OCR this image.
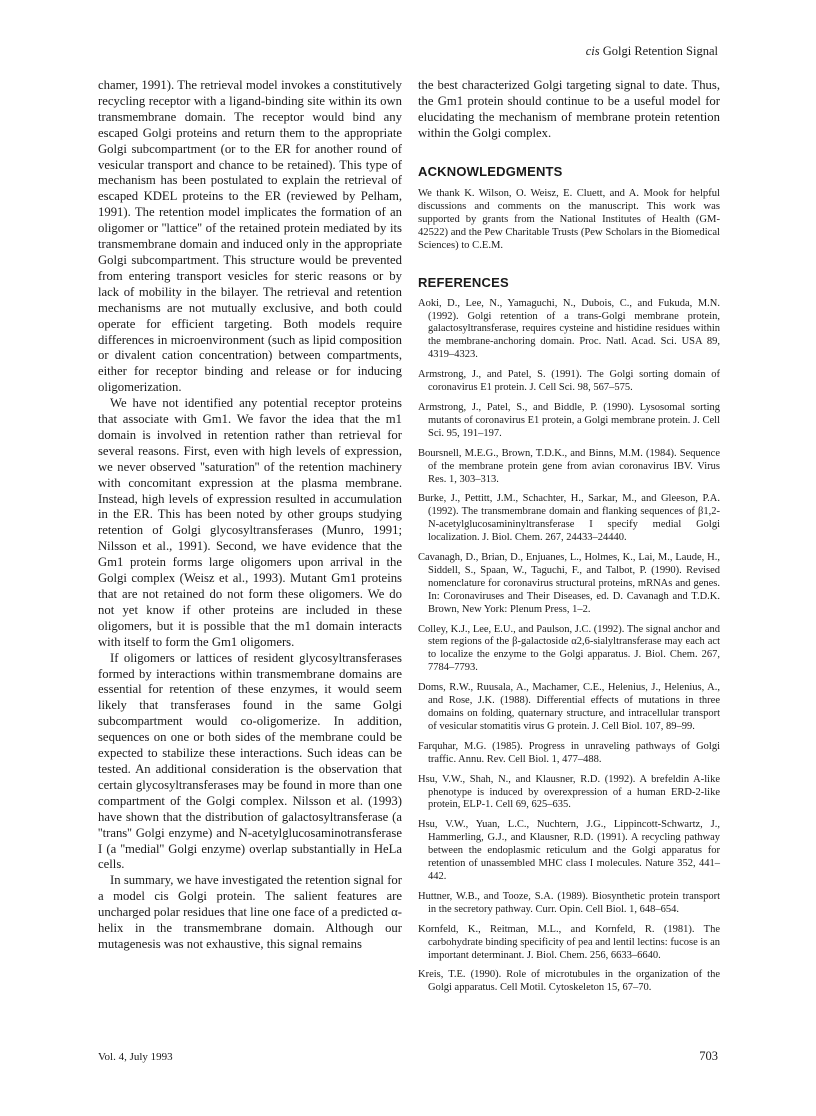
cis Golgi Retention Signal

chamer, 1991). The retrieval model invokes a constitutively recycling receptor with a ligand-binding site within its own transmembrane domain. The receptor would bind any escaped Golgi proteins and return them to the appropriate Golgi subcompartment (or to the ER for another round of vesicular transport and chance to be retained). This type of mechanism has been postulated to explain the retrieval of escaped KDEL proteins to the ER (reviewed by Pelham, 1991). The retention model implicates the formation of an oligomer or ''lattice'' of the retained protein mediated by its transmembrane domain and induced only in the appropriate Golgi subcompartment. This structure would be prevented from entering transport vesicles for steric reasons or by lack of mobility in the bilayer. The retrieval and retention mechanisms are not mutually exclusive, and both could operate for efficient targeting. Both models require differences in microenvironment (such as lipid composition or divalent cation concentration) between compartments, either for receptor binding and release or for inducing oligomerization.

We have not identified any potential receptor proteins that associate with Gm1. We favor the idea that the m1 domain is involved in retention rather than retrieval for several reasons. First, even with high levels of expression, we never observed ''saturation'' of the retention machinery with concomitant expression at the plasma membrane. Instead, high levels of expression resulted in accumulation in the ER. This has been noted by other groups studying retention of Golgi glycosyltransferases (Munro, 1991; Nilsson et al., 1991). Second, we have evidence that the Gm1 protein forms large oligomers upon arrival in the Golgi complex (Weisz et al., 1993). Mutant Gm1 proteins that are not retained do not form these oligomers. We do not yet know if other proteins are included in these oligomers, but it is possible that the m1 domain interacts with itself to form the Gm1 oligomers.

If oligomers or lattices of resident glycosyltransferases formed by interactions within transmembrane domains are essential for retention of these enzymes, it would seem likely that transferases found in the same Golgi subcompartment would co-oligomerize. In addition, sequences on one or both sides of the membrane could be expected to stabilize these interactions. Such ideas can be tested. An additional consideration is the observation that certain glycosyltransferases may be found in more than one compartment of the Golgi complex. Nilsson et al. (1993) have shown that the distribution of galactosyltransferase (a ''trans'' Golgi enzyme) and N-acetylglucosaminotransferase I (a ''medial'' Golgi enzyme) overlap substantially in HeLa cells.

In summary, we have investigated the retention signal for a model cis Golgi protein. The salient features are uncharged polar residues that line one face of a predicted α-helix in the transmembrane domain. Although our mutagenesis was not exhaustive, this signal remains

the best characterized Golgi targeting signal to date. Thus, the Gm1 protein should continue to be a useful model for elucidating the mechanism of membrane protein retention within the Golgi complex.

ACKNOWLEDGMENTS

We thank K. Wilson, O. Weisz, E. Cluett, and A. Mook for helpful discussions and comments on the manuscript. This work was supported by grants from the National Institutes of Health (GM-42522) and the Pew Charitable Trusts (Pew Scholars in the Biomedical Sciences) to C.E.M.

REFERENCES

Aoki, D., Lee, N., Yamaguchi, N., Dubois, C., and Fukuda, M.N. (1992). Golgi retention of a trans-Golgi membrane protein, galactosyltransferase, requires cysteine and histidine residues within the membrane-anchoring domain. Proc. Natl. Acad. Sci. USA 89, 4319–4323.

Armstrong, J., and Patel, S. (1991). The Golgi sorting domain of coronavirus E1 protein. J. Cell Sci. 98, 567–575.

Armstrong, J., Patel, S., and Biddle, P. (1990). Lysosomal sorting mutants of coronavirus E1 protein, a Golgi membrane protein. J. Cell Sci. 95, 191–197.

Boursnell, M.E.G., Brown, T.D.K., and Binns, M.M. (1984). Sequence of the membrane protein gene from avian coronavirus IBV. Virus Res. 1, 303–313.

Burke, J., Pettitt, J.M., Schachter, H., Sarkar, M., and Gleeson, P.A. (1992). The transmembrane domain and flanking sequences of β1,2-N-acetylglucosamininyltransferase I specify medial Golgi localization. J. Biol. Chem. 267, 24433–24440.

Cavanagh, D., Brian, D., Enjuanes, L., Holmes, K., Lai, M., Laude, H., Siddell, S., Spaan, W., Taguchi, F., and Talbot, P. (1990). Revised nomenclature for coronavirus structural proteins, mRNAs and genes. In: Coronaviruses and Their Diseases, ed. D. Cavanagh and T.D.K. Brown, New York: Plenum Press, 1–2.

Colley, K.J., Lee, E.U., and Paulson, J.C. (1992). The signal anchor and stem regions of the β-galactoside α2,6-sialyltransferase may each act to localize the enzyme to the Golgi apparatus. J. Biol. Chem. 267, 7784–7793.

Doms, R.W., Ruusala, A., Machamer, C.E., Helenius, J., Helenius, A., and Rose, J.K. (1988). Differential effects of mutations in three domains on folding, quaternary structure, and intracellular transport of vesicular stomatitis virus G protein. J. Cell Biol. 107, 89–99.

Farquhar, M.G. (1985). Progress in unraveling pathways of Golgi traffic. Annu. Rev. Cell Biol. 1, 477–488.

Hsu, V.W., Shah, N., and Klausner, R.D. (1992). A brefeldin A-like phenotype is induced by overexpression of a human ERD-2-like protein, ELP-1. Cell 69, 625–635.

Hsu, V.W., Yuan, L.C., Nuchtern, J.G., Lippincott-Schwartz, J., Hammerling, G.J., and Klausner, R.D. (1991). A recycling pathway between the endoplasmic reticulum and the Golgi apparatus for retention of unassembled MHC class I molecules. Nature 352, 441–442.

Huttner, W.B., and Tooze, S.A. (1989). Biosynthetic protein transport in the secretory pathway. Curr. Opin. Cell Biol. 1, 648–654.

Kornfeld, K., Reitman, M.L., and Kornfeld, R. (1981). The carbohydrate binding specificity of pea and lentil lectins: fucose is an important determinant. J. Biol. Chem. 256, 6633–6640.

Kreis, T.E. (1990). Role of microtubules in the organization of the Golgi apparatus. Cell Motil. Cytoskeleton 15, 67–70.

Vol. 4, July 1993	703
